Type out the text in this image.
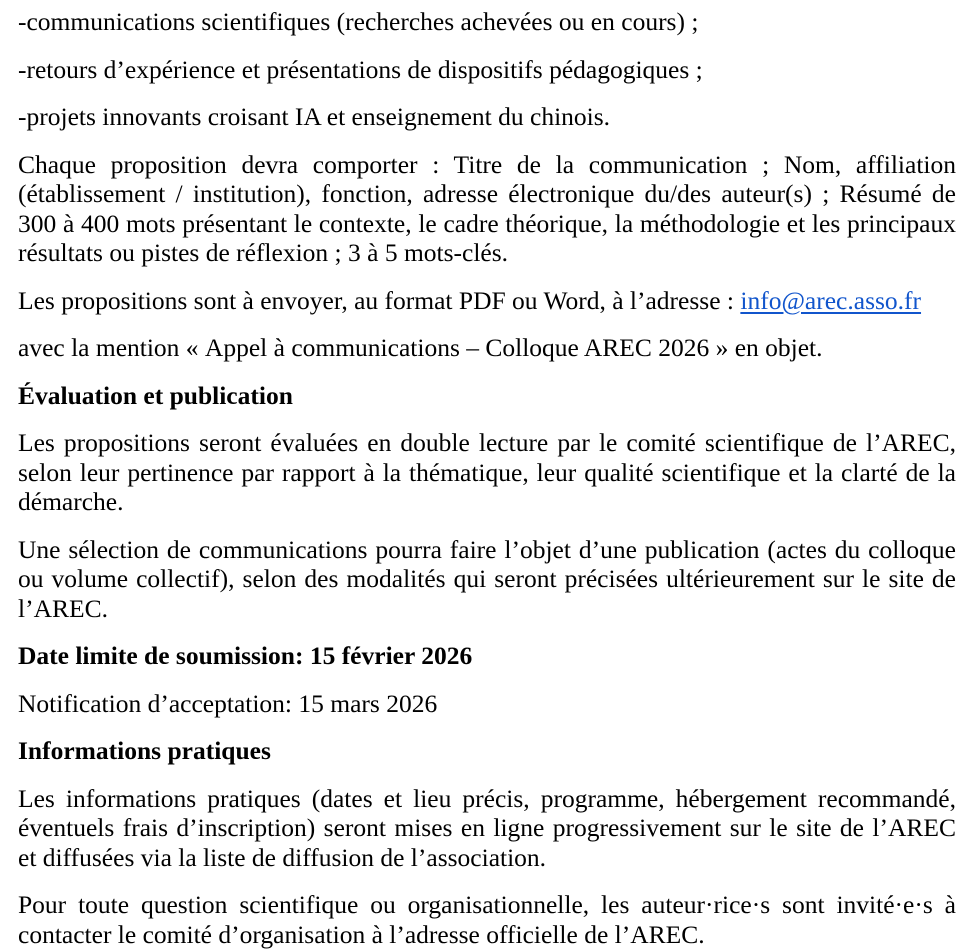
-communications scientifiques (recherches achevées ou en cours) ;

-retours d’expérience et présentations de dispositifs pédagogiques ;

-projets innovants croisant IA et enseignement du chinois.

Chaque proposition devra comporter : Titre de la communication ; Nom, affiliation (établissement / institution), fonction, adresse électronique du/des auteur(s) ; Résumé de 300 à 400 mots présentant le contexte, le cadre théorique, la méthodologie et les principaux résultats ou pistes de réflexion ; 3 à 5 mots-clés.

Les propositions sont à envoyer, au format PDF ou Word, à l’adresse : info@arec.asso.fr

avec la mention « Appel à communications – Colloque AREC 2026 » en objet.

Évaluation et publication

Les propositions seront évaluées en double lecture par le comité scientifique de l’AREC, selon leur pertinence par rapport à la thématique, leur qualité scientifique et la clarté de la démarche.

Une sélection de communications pourra faire l’objet d’une publication (actes du colloque ou volume collectif), selon des modalités qui seront précisées ultérieurement sur le site de l’AREC.

Date limite de soumission: 15 février 2026

Notification d’acceptation: 15 mars 2026

Informations pratiques

Les informations pratiques (dates et lieu précis, programme, hébergement recommandé, éventuels frais d’inscription) seront mises en ligne progressivement sur le site de l’AREC et diffusées via la liste de diffusion de l’association.

Pour toute question scientifique ou organisationnelle, les auteur·rice·s sont invité·e·s à contacter le comité d’organisation à l’adresse officielle de l’AREC.
